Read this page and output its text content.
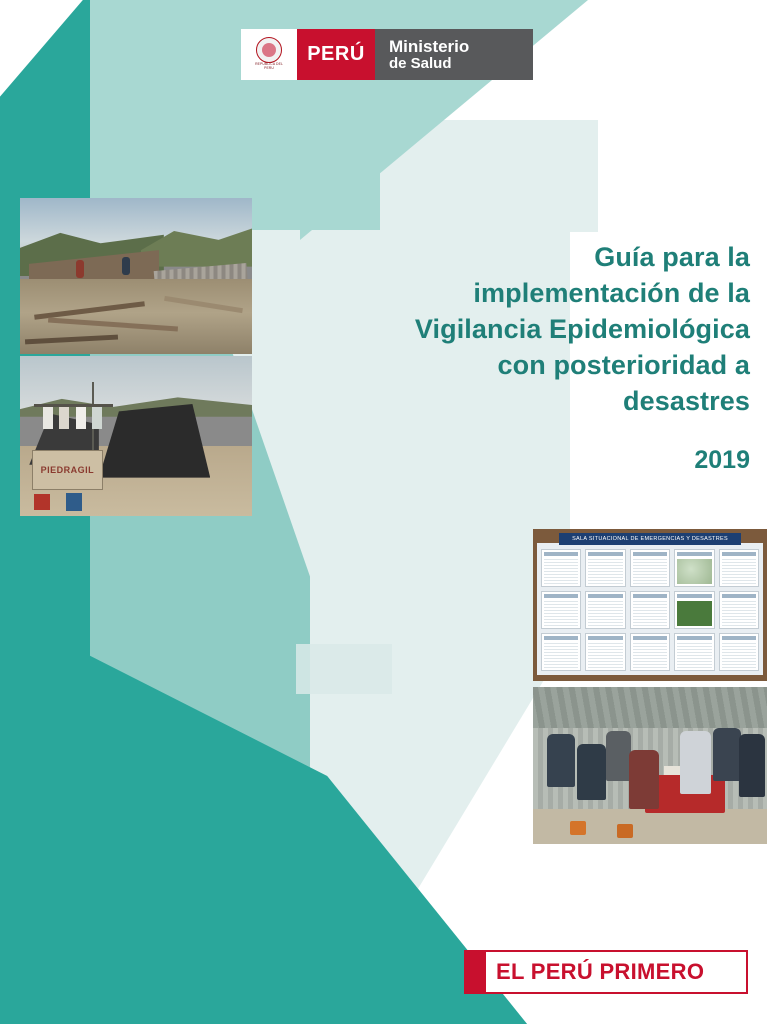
REPUBLICA DEL PERU
PERÚ	Ministerio
de Salud
Guía para la
implementación de la
Vigilancia Epidemiológica
con posterioridad a
desastres
2019
PIEDRAGIL
SALA SITUACIONAL DE EMERGENCIAS Y DESASTRES
EL PERÚ PRIMERO
